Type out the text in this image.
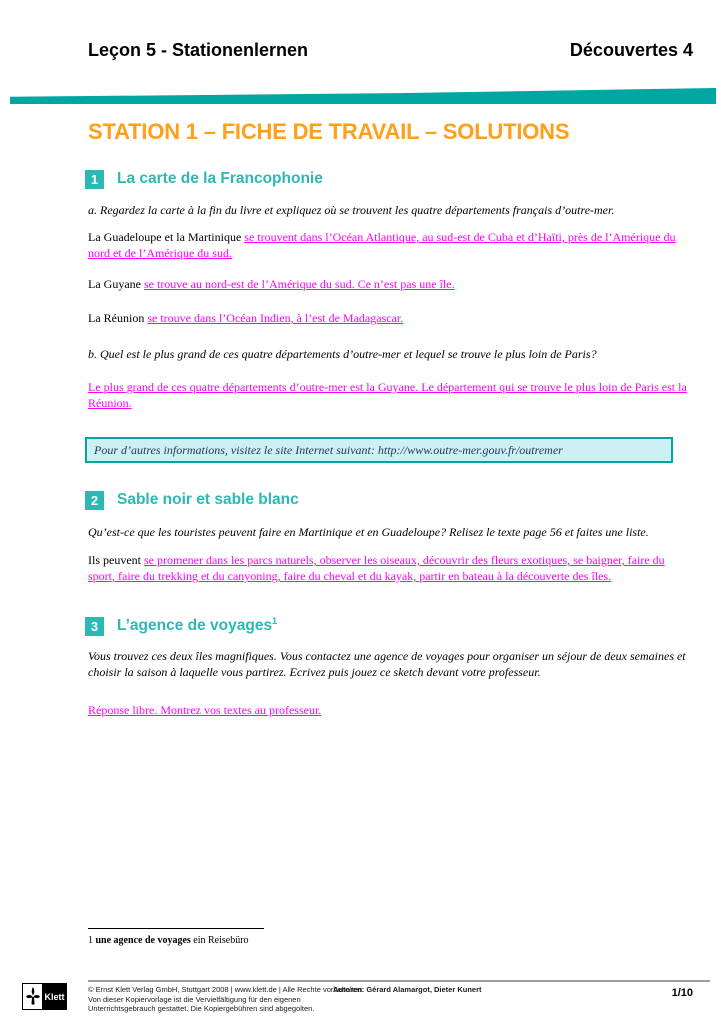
Leçon 5 - Stationenlernen	Découvertes 4
STATION 1 – FICHE DE TRAVAIL – SOLUTIONS
1	La carte de la Francophonie

a. Regardez la carte à la fin du livre et expliquez où se trouvent les quatre départements français d’outre-mer.

La Guadeloupe et la Martinique se trouvent dans l’Océan Atlantique, au sud-est de Cuba et d’Haïti, près de l’Amérique du nord et de l’Amérique du sud.

La Guyane se trouve au nord-est de l’Amérique du sud. Ce n’est pas une île.

La Réunion se trouve dans l’Océan Indien, à l’est de Madagascar.

b. Quel est le plus grand de ces quatre départements d’outre-mer et lequel se trouve le plus loin de Paris?

Le plus grand de ces quatre départements d’outre-mer est la Guyane. Le département qui se trouve le plus loin de Paris est la Réunion.

Pour d’autres informations, visitez le site Internet suivant: http://www.outre-mer.gouv.fr/outremer
2	Sable noir et sable blanc

Qu’est-ce que les touristes peuvent faire en Martinique et en Guadeloupe? Relisez le texte page 56 et faites une liste.

Ils peuvent se promener dans les parcs naturels, observer les oiseaux, découvrir des fleurs exotiques, se baigner, faire du sport, faire du trekking et du canyoning, faire du cheval et du kayak, partir en bateau à la découverte des îles.

3	L’agence de voyages$^1$

Vous trouvez ces deux îles magnifiques. Vous contactez une agence de voyages pour organiser un séjour de deux semaines et choisir la saison à laquelle vous partirez. Ecrivez puis jouez ce sketch devant votre professeur.

Réponse libre. Montrez vos textes au professeur.

1 une agence de voyages ein Reisebüro

Klett
© Ernst Klett Verlag GmbH, Stuttgart 2008 | www.klett.de | Alle Rechte vorbehalten
Von dieser Kopiervorlage ist die Vervielfältigung für den eigenen
Unterrichtsgebrauch gestattet. Die Kopiergebühren sind abgegolten.
Autoren: Gérard Alamargot, Dieter Kunert	1/10
